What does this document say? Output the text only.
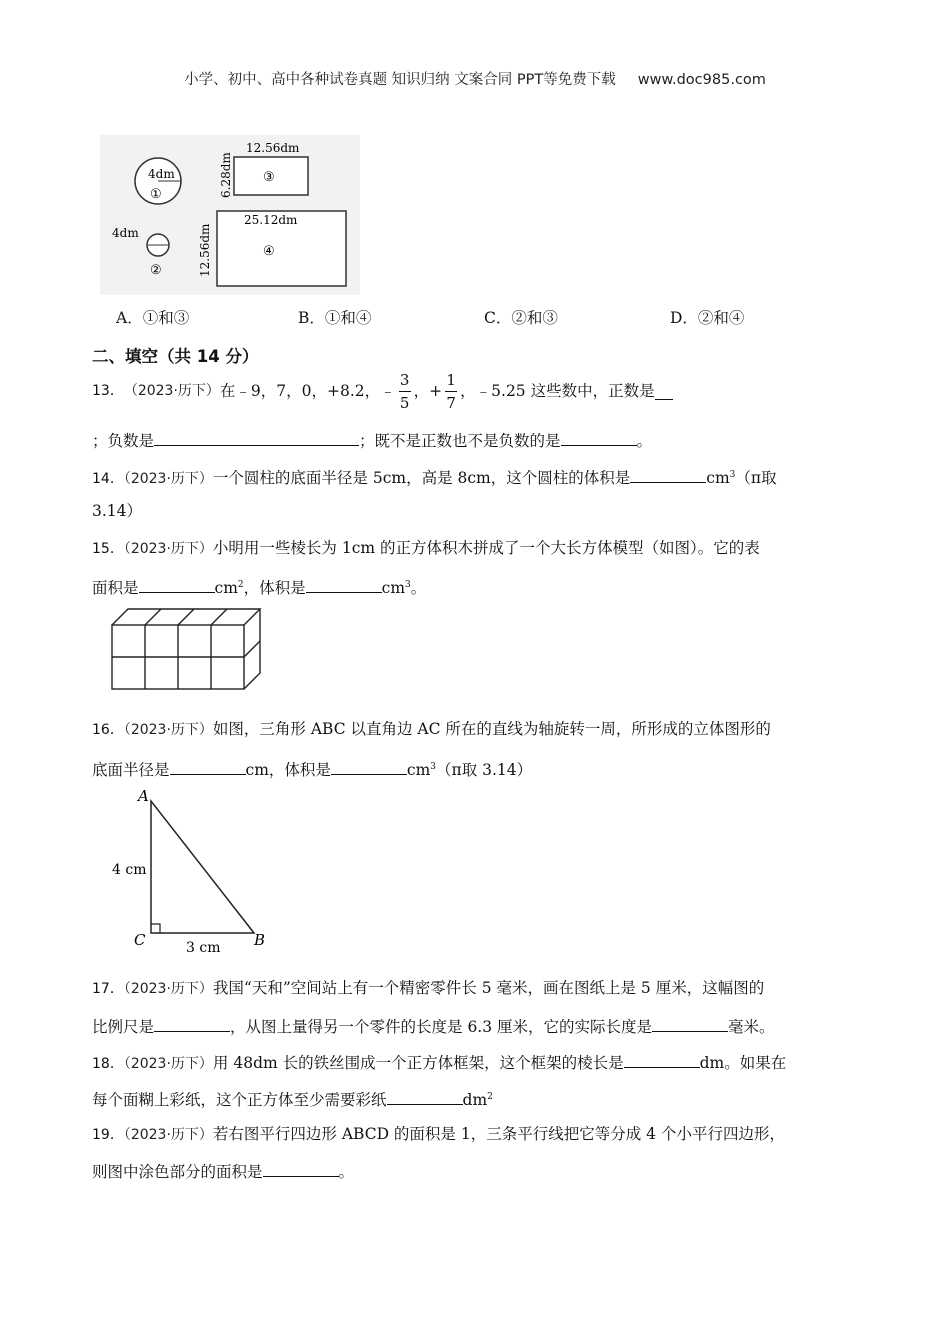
小学、初中、高中各种试卷真题 知识归纳 文案合同 PPT等免费下载 www.doc985.com
4dm
①
4dm
②
12.56dm
6.28dm ③
25.12dm
12.56dm	④
A．①和③	B．①和④	C．②和③	D．②和④
二、填空（共 14 分）
13． （2023·历下） 在﹣9，7，0，+8.2，﹣ $\frac{3}{5}$ ，+ $\frac{1}{7}$ ，﹣5.25 这些数中，正数是
；负数是	；既不是正数也不是负数的是	。
14．（2023·历下）一个圆柱的底面半径是 5cm，高是 8cm，这个圆柱的体积是	$cm^3(\pi$取
3.14）
15．（2023·历下）小明用一些棱长为 1cm 的正方体积木拼成了一个大长方体模型（如图）。它的表
面积是	$cm^2$，体积是	$cm^3$。
16．（2023·历下）如图，三角形 ABC 以直角边 AC 所在的直线为轴旋转一周，所形成的立体图形的
底面半径是	cm，体积是	$cm^3(\pi$取 3.14）
A
C	B
4 cm
3 cm
17．（2023·历下）我国“天和”空间站上有一个精密零件长 5 毫米，画在图纸上是 5 厘米，这幅图的
比例尺是	，从图上量得另一个零件的长度是 6.3 厘米，它的实际长度是	毫米。
18．（2023·历下）用 48dm 长的铁丝围成一个正方体框架，这个框架的棱长是	dm。如果在
每个面糊上彩纸，这个正方体至少需要彩纸	$dm^2$
19．（2023·历下）若右图平行四边形 ABCD 的面积是 1，三条平行线把它等分成 4 个小平行四边形，
则图中涂色部分的面积是	。
